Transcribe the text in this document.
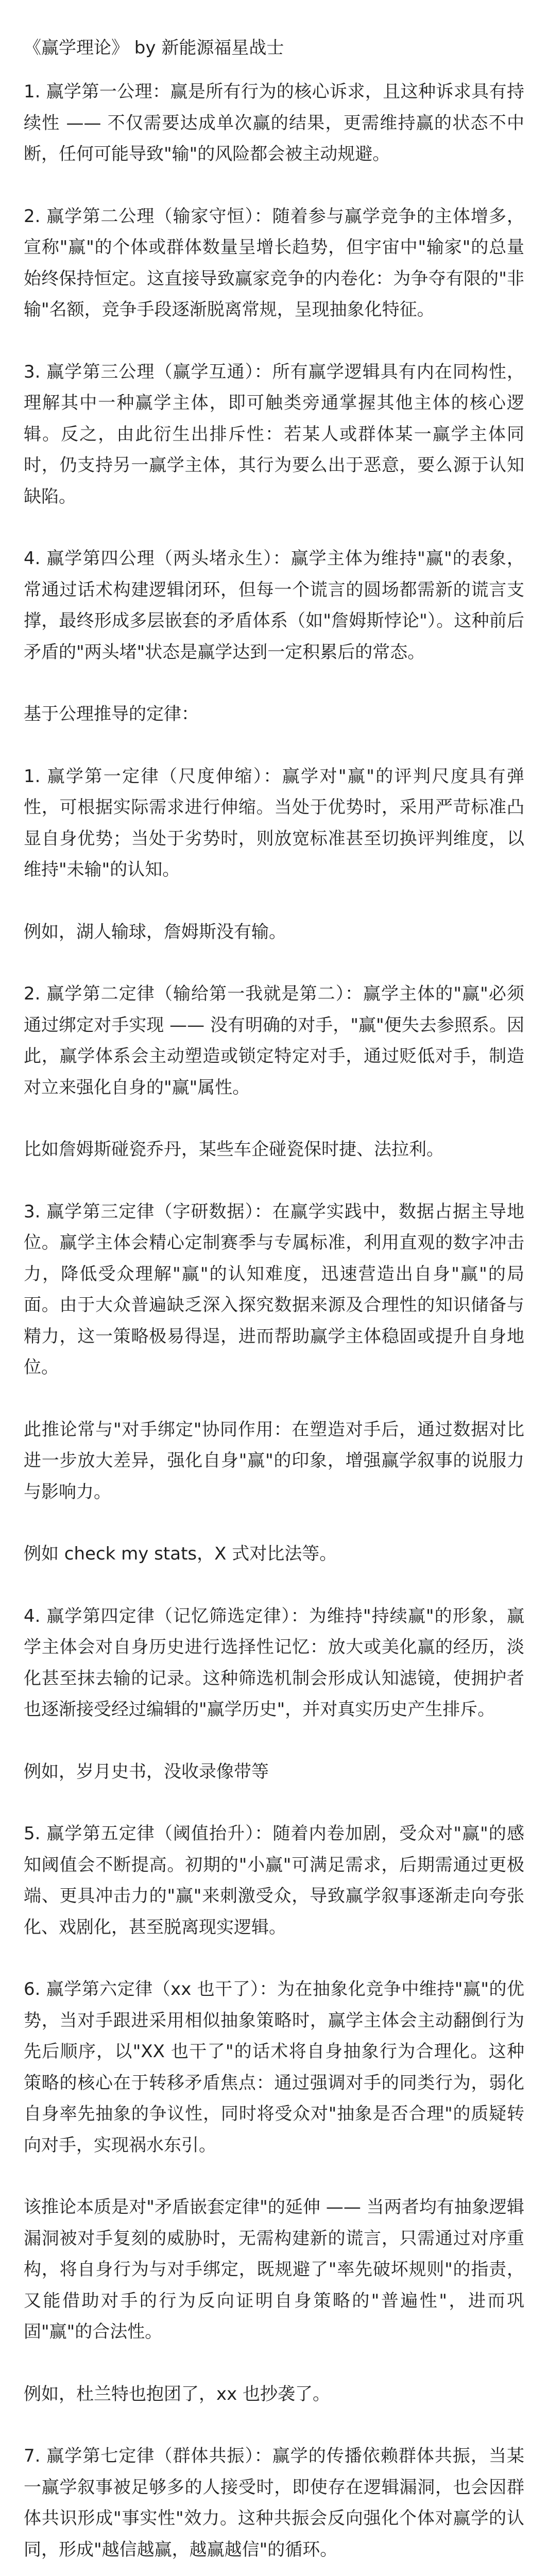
《赢学理论》 by 新能源福星战士

1. 赢学第一公理：赢是所有行为的核心诉求，且这种诉求具有持续性 —— 不仅需要达成单次赢的结果，更需维持赢的状态不中断，任何可能导致"输"的风险都会被主动规避。

2. 赢学第二公理（输家守恒）：随着参与赢学竞争的主体增多，宣称"赢"的个体或群体数量呈增长趋势，但宇宙中"输家"的总量始终保持恒定。这直接导致赢家竞争的内卷化：为争夺有限的"非输"名额，竞争手段逐渐脱离常规，呈现抽象化特征。

3. 赢学第三公理（赢学互通）：所有赢学逻辑具有内在同构性，理解其中一种赢学主体，即可触类旁通掌握其他主体的核心逻辑。反之，由此衍生出排斥性：若某人或群体某一赢学主体同时，仍支持另一赢学主体，其行为要么出于恶意，要么源于认知缺陷。

4. 赢学第四公理（两头堵永生）：赢学主体为维持"赢"的表象，常通过话术构建逻辑闭环，但每一个谎言的圆场都需新的谎言支撑，最终形成多层嵌套的矛盾体系（如"詹姆斯悖论"）。这种前后矛盾的"两头堵"状态是赢学达到一定积累后的常态。

基于公理推导的定律：

1. 赢学第一定律（尺度伸缩）：赢学对"赢"的评判尺度具有弹性，可根据实际需求进行伸缩。当处于优势时，采用严苛标准凸显自身优势；当处于劣势时，则放宽标准甚至切换评判维度，以维持"未输"的认知。

例如，湖人输球，詹姆斯没有输。

2. 赢学第二定律（输给第一我就是第二）：赢学主体的"赢"必须通过绑定对手实现 —— 没有明确的对手，"赢"便失去参照系。因此，赢学体系会主动塑造或锁定特定对手，通过贬低对手，制造对立来强化自身的"赢"属性。

比如詹姆斯碰瓷乔丹，某些车企碰瓷保时捷、法拉利。

3. 赢学第三定律（字研数据）：在赢学实践中，数据占据主导地位。赢学主体会精心定制赛季与专属标准，利用直观的数字冲击力，降低受众理解"赢"的认知难度，迅速营造出自身"赢"的局面。由于大众普遍缺乏深入探究数据来源及合理性的知识储备与精力，这一策略极易得逞，进而帮助赢学主体稳固或提升自身地位。

此推论常与"对手绑定"协同作用：在塑造对手后，通过数据对比进一步放大差异，强化自身"赢"的印象，增强赢学叙事的说服力与影响力。

例如 check my stats，X 式对比法等。

4. 赢学第四定律（记忆筛选定律）：为维持"持续赢"的形象，赢学主体会对自身历史进行选择性记忆：放大或美化赢的经历，淡化甚至抹去输的记录。这种筛选机制会形成认知滤镜，使拥护者也逐渐接受经过编辑的"赢学历史"，并对真实历史产生排斥。

例如，岁月史书，没收录像带等

5. 赢学第五定律（阈值抬升）：随着内卷加剧，受众对"赢"的感知阈值会不断提高。初期的"小赢"可满足需求，后期需通过更极端、更具冲击力的"赢"来刺激受众，导致赢学叙事逐渐走向夸张化、戏剧化，甚至脱离现实逻辑。

6. 赢学第六定律（xx 也干了）：为在抽象化竞争中维持"赢"的优势，当对手跟进采用相似抽象策略时，赢学主体会主动翻倒行为先后顺序，以"XX 也干了"的话术将自身抽象行为合理化。这种策略的核心在于转移矛盾焦点：通过强调对手的同类行为，弱化自身率先抽象的争议性，同时将受众对"抽象是否合理"的质疑转向对手，实现祸水东引。

该推论本质是对"矛盾嵌套定律"的延伸 —— 当两者均有抽象逻辑漏洞被对手复刻的威胁时，无需构建新的谎言，只需通过对序重构，将自身行为与对手绑定，既规避了"率先破坏规则"的指责，又能借助对手的行为反向证明自身策略的"普遍性"，进而巩固"赢"的合法性。

例如，杜兰特也抱团了，xx 也抄袭了。

7. 赢学第七定律（群体共振）：赢学的传播依赖群体共振，当某一赢学叙事被足够多的人接受时，即使存在逻辑漏洞，也会因群体共识形成"事实性"效力。这种共振会反向强化个体对赢学的认同，形成"越信越赢，越赢越信"的循环。
